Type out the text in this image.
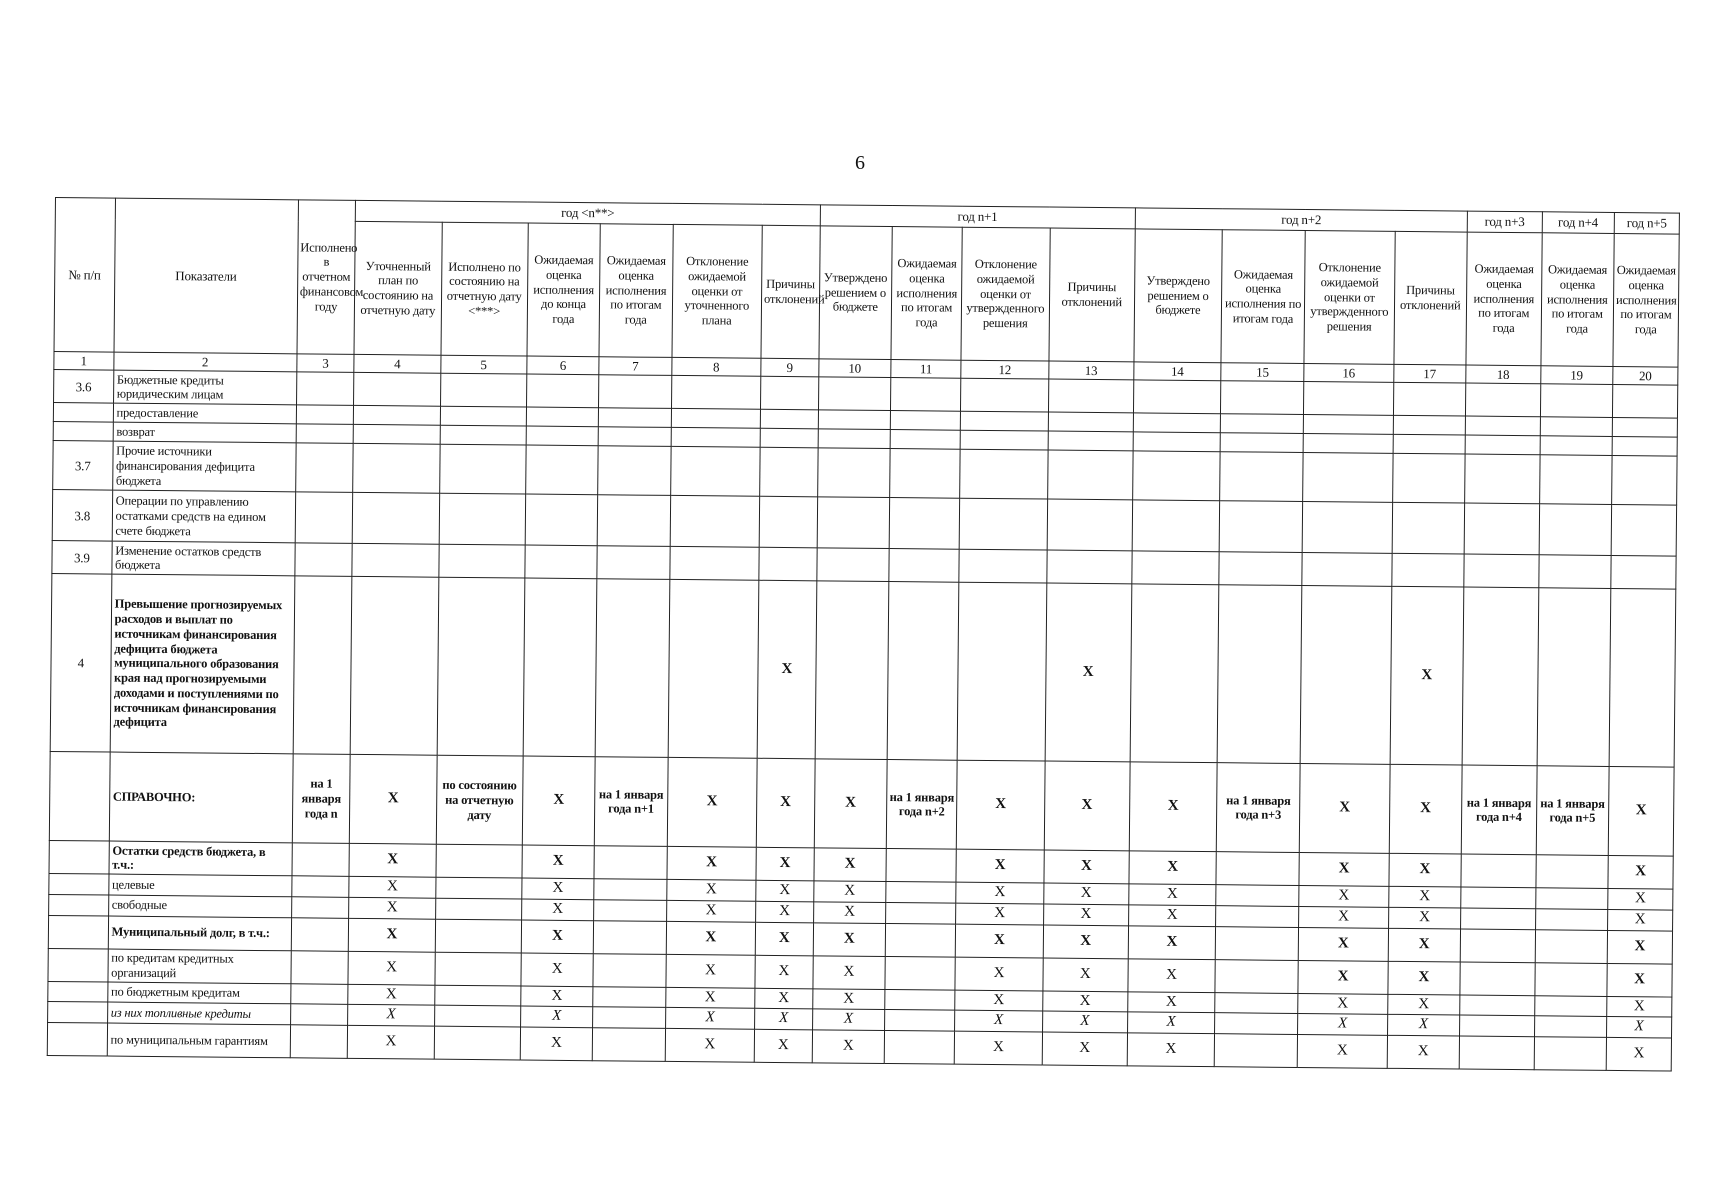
6
№ п/п	Показатели	Исполнено в отчетном финансовом году	год <n**>						год n+1				год n+2				год n+3	год n+4	год n+5
			Уточненный план по состоянию на отчетную дату	Исполнено по состоянию на отчетную дату <***>	Ожидаемая оценка исполнения до конца года	Ожидаемая оценка исполнения по итогам года	Отклонение ожидаемой оценки от уточненного плана	Причины отклонений	Утверждено решением о бюджете	Ожидаемая оценка исполнения по итогам года	Отклонение ожидаемой оценки от утвержденного решения	Причины отклонений	Утверждено решением о бюджете	Ожидаемая оценка исполнения по итогам года	Отклонение ожидаемой оценки от утвержденного решения	Причины отклонений	Ожидаемая оценка исполнения по итогам года	Ожидаемая оценка исполнения по итогам года	Ожидаемая оценка исполнения по итогам года
1	2	3	4	5	6	7	8	9	10	11	12	13	14	15	16	17	18	19	20
3.6	Бюджетные кредиты юридическим лицам																		
	предоставление																		
	возврат																		
3.7	Прочие источники финансирования дефицита бюджета																		
3.8	Операции по управлению остатками средств на едином счете бюджета																		
3.9	Изменение остатков средств бюджета																		
4	Превышение прогнозируемых расходов и выплат по источникам финансирования дефицита бюджета муниципального образования края над прогнозируемыми доходами и поступлениями по источникам финансирования дефицита							X				X				X			
	СПРАВОЧНО:	на 1 января года n	X	по состоянию на отчетную дату	X	на 1 января года n+1	X	X	X	на 1 января года n+2	X	X	X	на 1 января года n+3	X	X	на 1 января года n+4	на 1 января года n+5	X
	Остатки средств бюджета, в т.ч.:		X		X		X	X	X		X	X	X		X	X			X
	целевые		X		X		X	X	X		X	X	X		X	X			X
	свободные		X		X		X	X	X		X	X	X		X	X			X
	Муниципальный долг, в т.ч.:		X		X		X	X	X		X	X	X		X	X			X
	по кредитам кредитных организаций		X		X		X	X	X		X	X	X		X	X			X
	по бюджетным кредитам		X		X		X	X	X		X	X	X		X	X			X
	из них топливные кредиты		X		X		X	X	X		X	X	X		X	X			X
	по муниципальным гарантиям		X		X		X	X	X		X	X	X		X	X			X
